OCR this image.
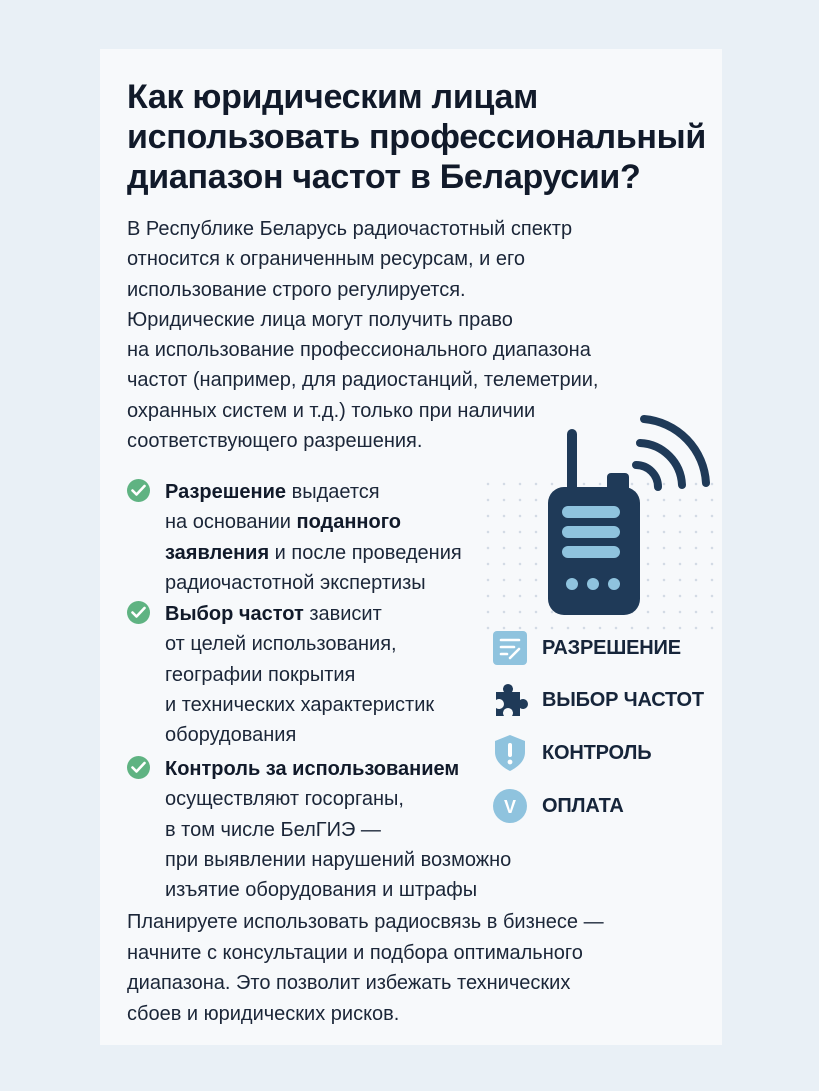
Как юридическим лицам
использовать профессиональный
диапазон частот в Беларусии?
В Республике Беларусь радиочастотный спектр
относится к ограниченным ресурсам, и его
использование строго регулируется.
Юридические лица могут получить право
на использование профессионального диапазона
частот (например, для радиостанций, телеметрии,
охранных систем и т.д.) только при наличии
соответствующего разрешения.
Разрешение выдается
на основании поданного
заявления и после проведения
радиочастотной экспертизы
Выбор частот зависит
от целей использования,
географии покрытия
и технических характеристик
оборудования
Контроль за использованием
осуществляют госорганы,
в том числе БелГИЭ —
при выявлении нарушений возможно
изъятие оборудования и штрафы
РАЗРЕШЕНИЕ
ВЫБОР ЧАСТОТ
КОНТРОЛЬ
V ОПЛАТА
Планируете использовать радиосвязь в бизнесе —
начните с консультации и подбора оптимального
диапазона. Это позволит избежать технических
сбоев и юридических рисков.
